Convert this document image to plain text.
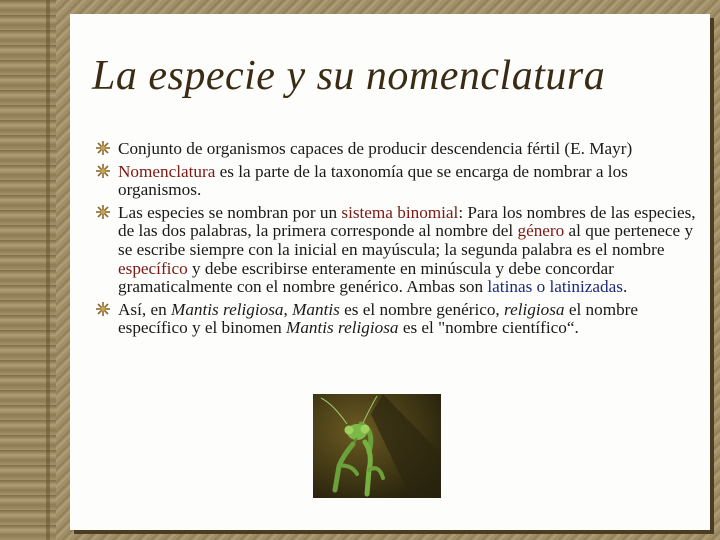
La especie y su nomenclatura
Conjunto de organismos capaces de producir descendencia fértil (E. Mayr)
Nomenclatura es la parte de la taxonomía que se encarga de nombrar a los organismos.
Las especies se nombran por un sistema binomial: Para los nombres de las especies, de las dos palabras, la primera corresponde al nombre del género al que pertenece y se escribe siempre con la inicial en mayúscula; la segunda palabra es el nombre específico y debe escribirse enteramente en minúscula y debe concordar gramaticalmente con el nombre genérico. Ambas son latinas o latinizadas.
Así, en Mantis religiosa, Mantis es el nombre genérico, religiosa el nombre específico y el binomen Mantis religiosa es el "nombre científico“.
